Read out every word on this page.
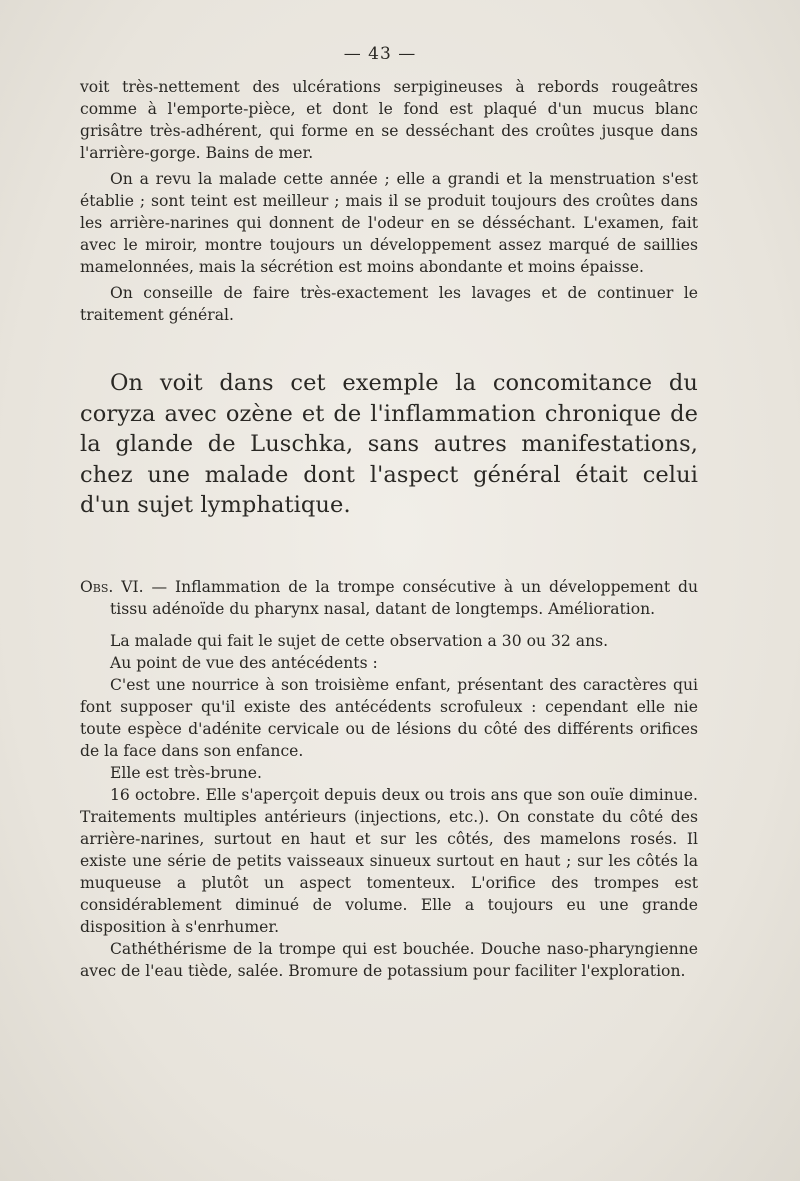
— 43 —

voit très-nettement des ulcérations serpigineuses à rebords rougeâtres comme à l'emporte-pièce, et dont le fond est plaqué d'un mucus blanc grisâtre très-adhérent, qui forme en se desséchant des croûtes jusque dans l'arrière-gorge. Bains de mer.

On a revu la malade cette année ; elle a grandi et la menstruation s'est établie ; sont teint est meilleur ; mais il se produit toujours des croûtes dans les arrière-narines qui donnent de l'odeur en se désséchant. L'examen, fait avec le miroir, montre toujours un développement assez marqué de saillies mamelonnées, mais la sécrétion est moins abondante et moins épaisse.

On conseille de faire très-exactement les lavages et de continuer le traitement général.

On voit dans cet exemple la concomitance du coryza avec ozène et de l'inflammation chronique de la glande de Luschka, sans autres manifestations, chez une malade dont l'aspect général était celui d'un sujet lymphatique.

Obs. VI. — Inflammation de la trompe consécutive à un développement du tissu adénoïde du pharynx nasal, datant de longtemps. Amélioration.

La malade qui fait le sujet de cette observation a 30 ou 32 ans.

Au point de vue des antécédents :

C'est une nourrice à son troisième enfant, présentant des caractères qui font supposer qu'il existe des antécédents scrofuleux : cependant elle nie toute espèce d'adénite cervicale ou de lésions du côté des différents orifices de la face dans son enfance.

Elle est très-brune.

16 octobre. Elle s'aperçoit depuis deux ou trois ans que son ouïe diminue. Traitements multiples antérieurs (injections, etc.). On constate du côté des arrière-narines, surtout en haut et sur les côtés, des mamelons rosés. Il existe une série de petits vaisseaux sinueux surtout en haut ; sur les côtés la muqueuse a plutôt un aspect tomenteux. L'orifice des trompes est considérablement diminué de volume. Elle a toujours eu une grande disposition à s'enrhumer.

Cathéthérisme de la trompe qui est bouchée. Douche naso-pharyngienne avec de l'eau tiède, salée. Bromure de potassium pour faciliter l'exploration.
